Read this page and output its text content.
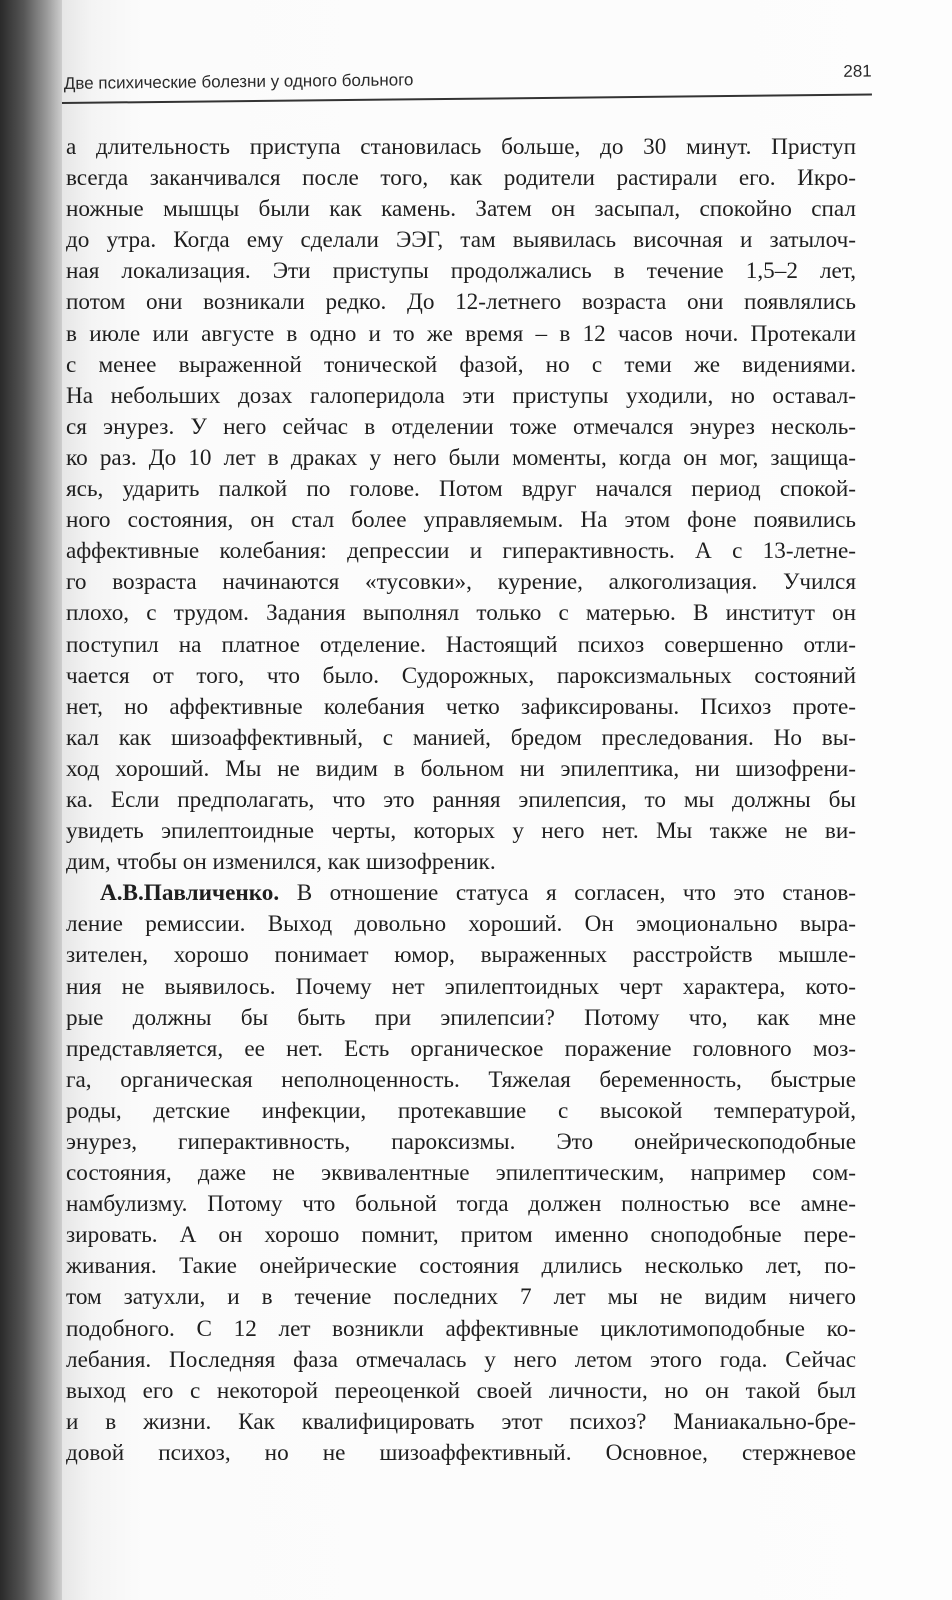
Две психические болезни у одного больного	281
а длительность приступа становилась больше, до 30 минут. Приступ
всегда заканчивался после того, как родители растирали его. Икро-
ножные мышцы были как камень. Затем он засыпал, спокойно спал
до утра. Когда ему сделали ЭЭГ, там выявилась височная и затылоч-
ная локализация. Эти приступы продолжались в течение 1,5–2 лет,
потом они возникали редко. До 12-летнего возраста они появлялись
в июле или августе в одно и то же время – в 12 часов ночи. Протекали
с менее выраженной тонической фазой, но с теми же видениями.
На небольших дозах галоперидола эти приступы уходили, но оставал-
ся энурез. У него сейчас в отделении тоже отмечался энурез несколь-
ко раз. До 10 лет в драках у него были моменты, когда он мог, защища-
ясь, ударить палкой по голове. Потом вдруг начался период спокой-
ного состояния, он стал более управляемым. На этом фоне появились
аффективные колебания: депрессии и гиперактивность. А с 13-летне-
го возраста начинаются «тусовки», курение, алкоголизация. Учился
плохо, с трудом. Задания выполнял только с матерью. В институт он
поступил на платное отделение. Настоящий психоз совершенно отли-
чается от того, что было. Судорожных, пароксизмальных состояний
нет, но аффективные колебания четко зафиксированы. Психоз проте-
кал как шизоаффективный, с манией, бредом преследования. Но вы-
ход хороший. Мы не видим в больном ни эпилептика, ни шизофрени-
ка. Если предполагать, что это ранняя эпилепсия, то мы должны бы
увидеть эпилептоидные черты, которых у него нет. Мы также не ви-
дим, чтобы он изменился, как шизофреник.
А.В.Павличенко. В отношение статуса я согласен, что это станов-
ление ремиссии. Выход довольно хороший. Он эмоционально выра-
зителен, хорошо понимает юмор, выраженных расстройств мышле-
ния не выявилось. Почему нет эпилептоидных черт характера, кото-
рые должны бы быть при эпилепсии? Потому что, как мне
представляется, ее нет. Есть органическое поражение головного моз-
га, органическая неполноценность. Тяжелая беременность, быстрые
роды, детские инфекции, протекавшие с высокой температурой,
энурез, гиперактивность, пароксизмы. Это онейрическоподобные
состояния, даже не эквивалентные эпилептическим, например сом-
намбулизму. Потому что больной тогда должен полностью все амне-
зировать. А он хорошо помнит, притом именно сноподобные пере-
живания. Такие онейрические состояния длились несколько лет, по-
том затухли, и в течение последних 7 лет мы не видим ничего
подобного. С 12 лет возникли аффективные циклотимоподобные ко-
лебания. Последняя фаза отмечалась у него летом этого года. Сейчас
выход его с некоторой переоценкой своей личности, но он такой был
и в жизни. Как квалифицировать этот психоз? Маниакально-бре-
довой психоз, но не шизоаффективный. Основное, стержневое
